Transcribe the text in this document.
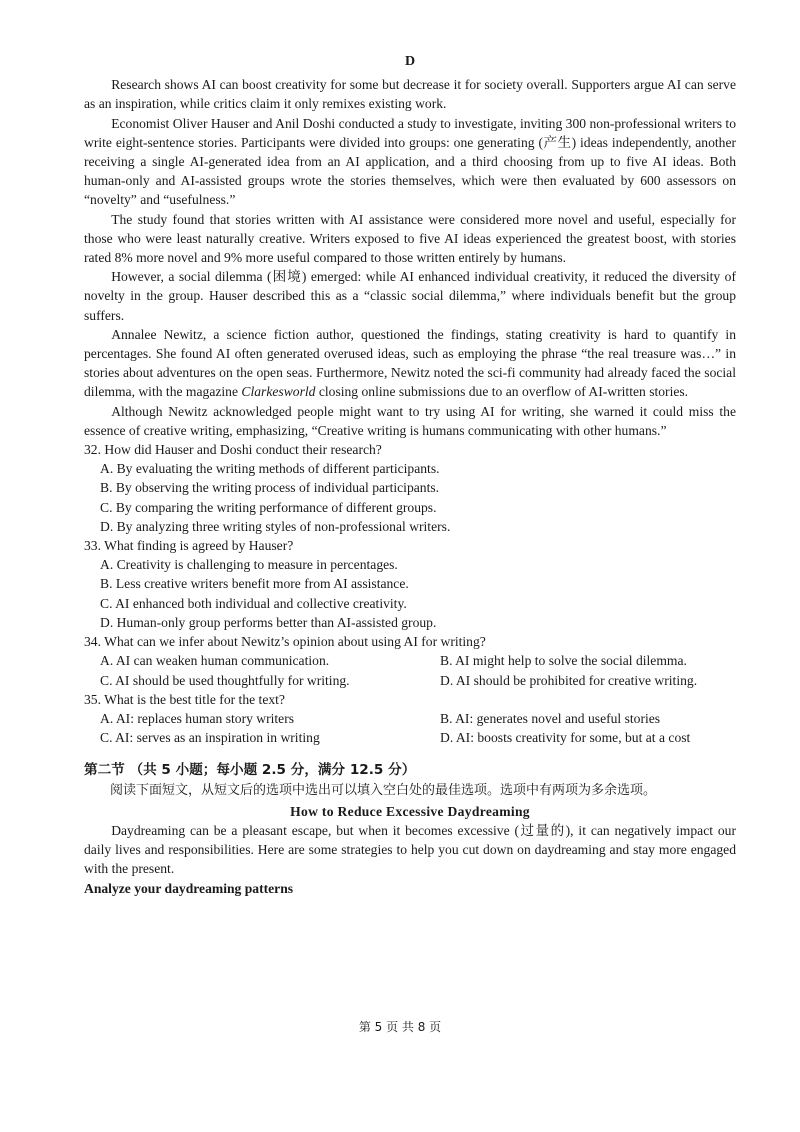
D

Research shows AI can boost creativity for some but decrease it for society overall. Supporters argue AI can serve as an inspiration, while critics claim it only remixes existing work.

Economist Oliver Hauser and Anil Doshi conducted a study to investigate, inviting 300 non-professional writers to write eight-sentence stories. Participants were divided into groups: one generating (产生) ideas independently, another receiving a single AI-generated idea from an AI application, and a third choosing from up to five AI ideas. Both human-only and AI-assisted groups wrote the stories themselves, which were then evaluated by 600 assessors on “novelty” and “usefulness.”

The study found that stories written with AI assistance were considered more novel and useful, especially for those who were least naturally creative. Writers exposed to five AI ideas experienced the greatest boost, with stories rated 8% more novel and 9% more useful compared to those written entirely by humans.

However, a social dilemma (困境) emerged: while AI enhanced individual creativity, it reduced the diversity of novelty in the group. Hauser described this as a “classic social dilemma,” where individuals benefit but the group suffers.

Annalee Newitz, a science fiction author, questioned the findings, stating creativity is hard to quantify in percentages. She found AI often generated overused ideas, such as employing the phrase “the real treasure was…” in stories about adventures on the open seas. Furthermore, Newitz noted the sci-fi community had already faced the social dilemma, with the magazine Clarkesworld closing online submissions due to an overflow of AI-written stories.

Although Newitz acknowledged people might want to try using AI for writing, she warned it could miss the essence of creative writing, emphasizing, “Creative writing is humans communicating with other humans.”

32. How did Hauser and Doshi conduct their research?

A. By evaluating the writing methods of different participants.

B. By observing the writing process of individual participants.

C. By comparing the writing performance of different groups.

D. By analyzing three writing styles of non-professional writers.

33. What finding is agreed by Hauser?

A. Creativity is challenging to measure in percentages.

B. Less creative writers benefit more from AI assistance.

C. AI enhanced both individual and collective creativity.

D. Human-only group performs better than AI-assisted group.

34. What can we infer about Newitz’s opinion about using AI for writing?

A. AI can weaken human communication.	B. AI might help to solve the social dilemma.
C. AI should be used thoughtfully for writing.	D. AI should be prohibited for creative writing.

35. What is the best title for the text?

A. AI: replaces human story writers	B. AI: generates novel and useful stories
C. AI: serves as an inspiration in writing	D. AI: boosts creativity for some, but at a cost

第二节 （共 5 小题；每小题 2.5 分，满分 12.5 分）

阅读下面短文，从短文后的选项中选出可以填入空白处的最佳选项。选项中有两项为多余选项。

How to Reduce Excessive Daydreaming

Daydreaming can be a pleasant escape, but when it becomes excessive (过量的), it can negatively impact our daily lives and responsibilities. Here are some strategies to help you cut down on daydreaming and stay more engaged with the present.

Analyze your daydreaming patterns

第 5 页 共 8 页
